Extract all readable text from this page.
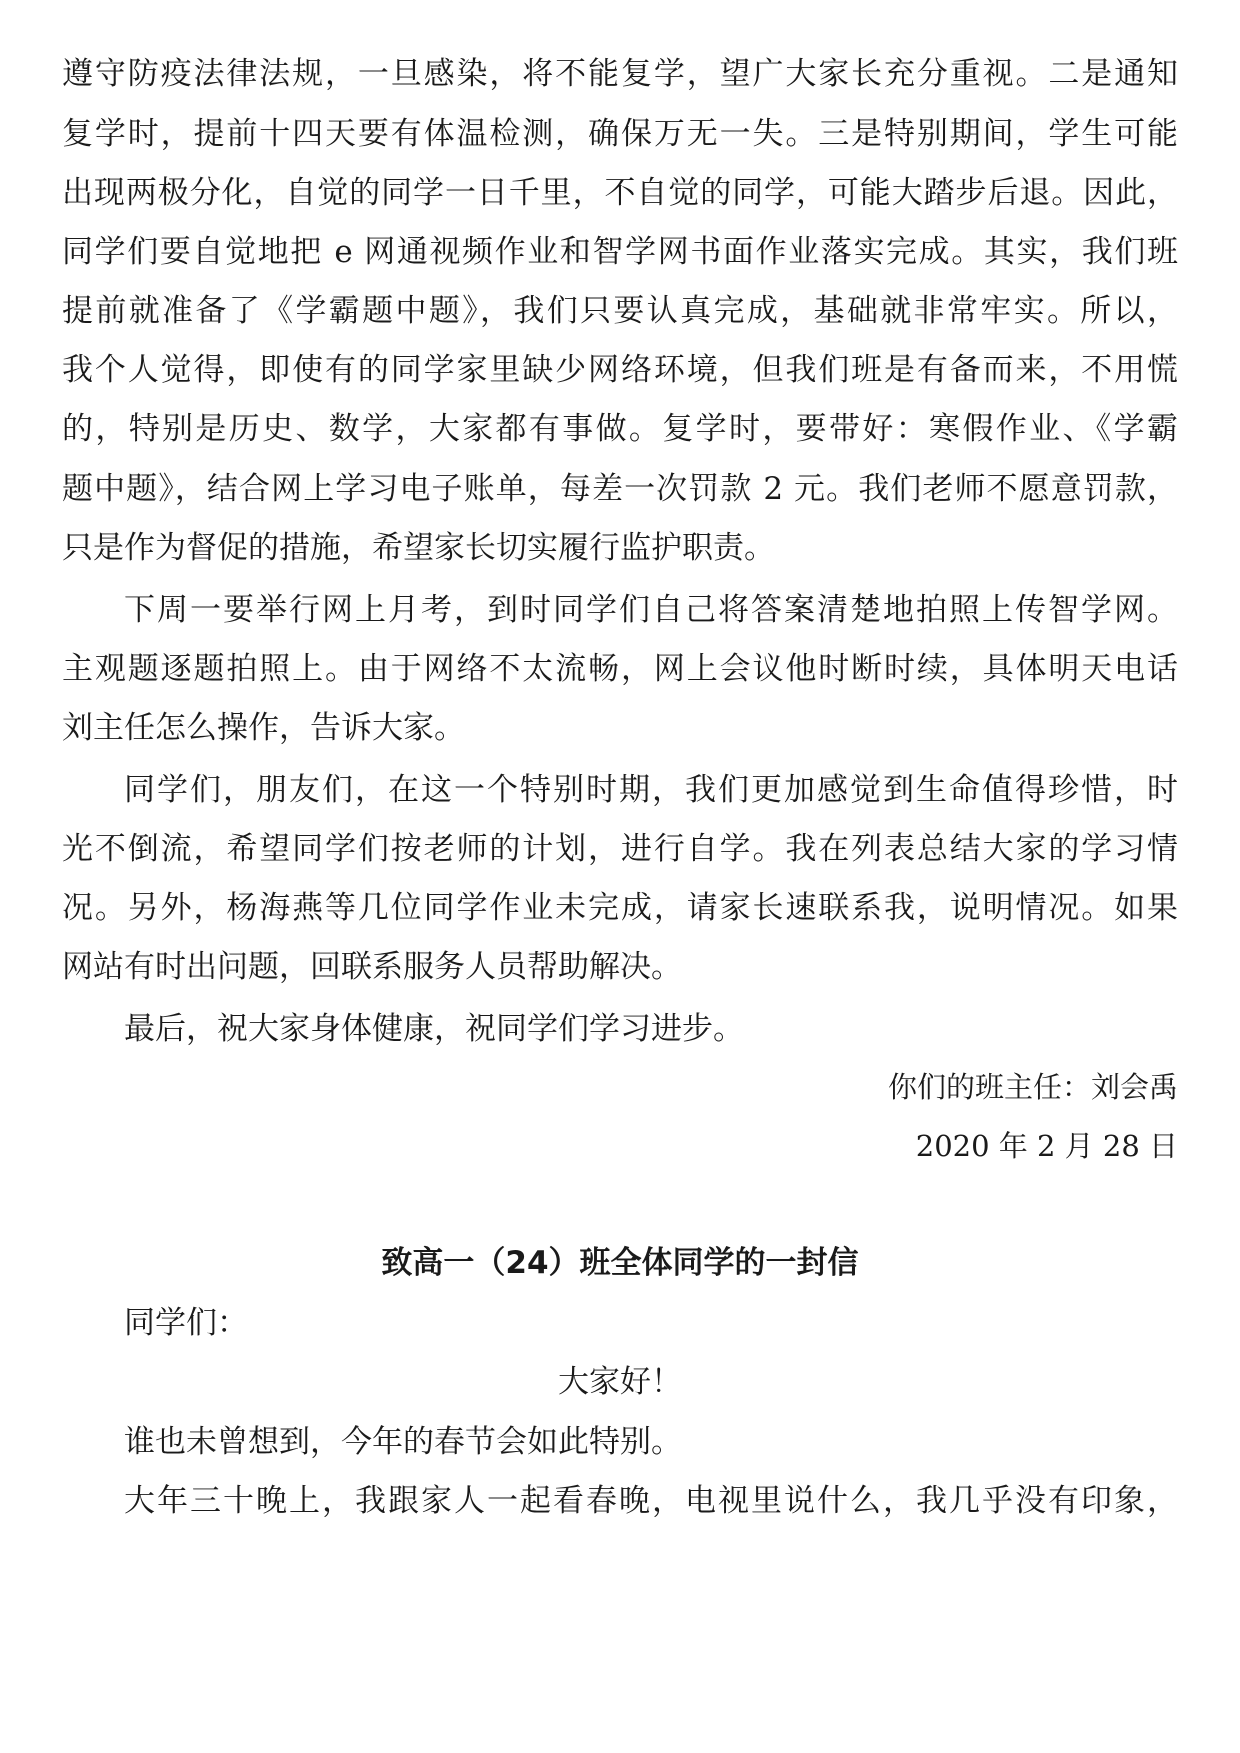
遵守防疫法律法规，一旦感染，将不能复学，望广大家长充分重视。二是通知
复学时，提前十四天要有体温检测，确保万无一失。三是特别期间，学生可能
出现两极分化，自觉的同学一日千里，不自觉的同学，可能大踏步后退。因此，
同学们要自觉地把 e 网通视频作业和智学网书面作业落实完成。其实，我们班
提前就准备了《学霸题中题》，我们只要认真完成，基础就非常牢实。所以，
我个人觉得，即使有的同学家里缺少网络环境，但我们班是有备而来，不用慌
的，特别是历史、数学，大家都有事做。复学时，要带好：寒假作业、《学霸
题中题》，结合网上学习电子账单，每差一次罚款 2 元。我们老师不愿意罚款，
只是作为督促的措施，希望家长切实履行监护职责。
下周一要举行网上月考，到时同学们自己将答案清楚地拍照上传智学网。
主观题逐题拍照上。由于网络不太流畅，网上会议他时断时续，具体明天电话
刘主任怎么操作，告诉大家。
同学们，朋友们，在这一个特别时期，我们更加感觉到生命值得珍惜，时
光不倒流，希望同学们按老师的计划，进行自学。我在列表总结大家的学习情
况。另外，杨海燕等几位同学作业未完成，请家长速联系我，说明情况。如果
网站有时出问题，回联系服务人员帮助解决。
最后，祝大家身体健康，祝同学们学习进步。
你们的班主任：刘会禹
2020 年 2 月 28 日
致高一（24）班全体同学的一封信
同学们：
大家好！
谁也未曾想到，今年的春节会如此特别。
大年三十晚上，我跟家人一起看春晚，电视里说什么，我几乎没有印象，
